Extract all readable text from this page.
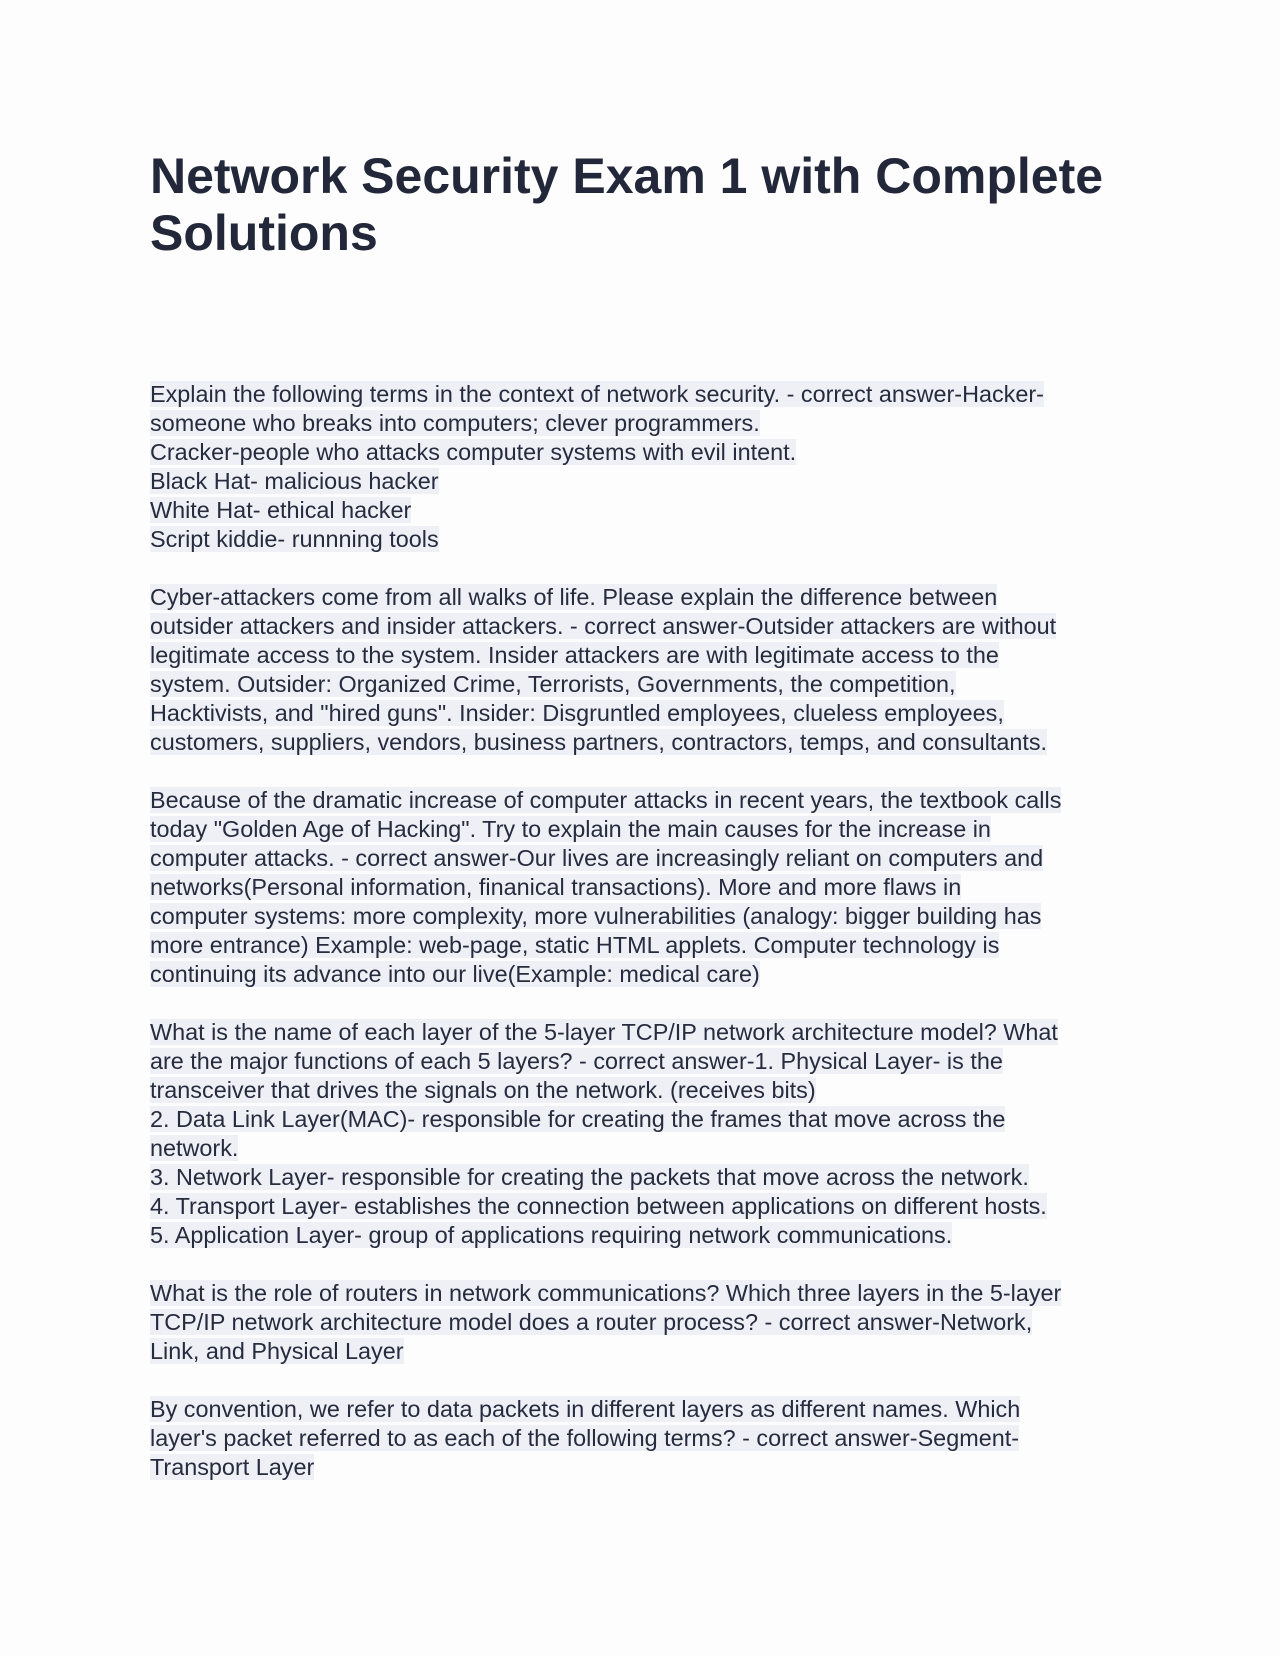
Network Security Exam 1 with Complete Solutions
Explain the following terms in the context of network security. - correct answer-Hacker-
someone who breaks into computers; clever programmers.
Cracker-people who attacks computer systems with evil intent.
Black Hat- malicious hacker
White Hat- ethical hacker
Script kiddie- runnning tools
Cyber-attackers come from all walks of life. Please explain the difference between
outsider attackers and insider attackers. - correct answer-Outsider attackers are without
legitimate access to the system. Insider attackers are with legitimate access to the
system. Outsider: Organized Crime, Terrorists, Governments, the competition,
Hacktivists, and "hired guns". Insider: Disgruntled employees, clueless employees,
customers, suppliers, vendors, business partners, contractors, temps, and consultants.
Because of the dramatic increase of computer attacks in recent years, the textbook calls
today "Golden Age of Hacking". Try to explain the main causes for the increase in
computer attacks. - correct answer-Our lives are increasingly reliant on computers and
networks(Personal information, finanical transactions). More and more flaws in
computer systems: more complexity, more vulnerabilities (analogy: bigger building has
more entrance) Example: web-page, static HTML applets. Computer technology is
continuing its advance into our live(Example: medical care)
What is the name of each layer of the 5-layer TCP/IP network architecture model? What
are the major functions of each 5 layers? - correct answer-1. Physical Layer- is the
transceiver that drives the signals on the network. (receives bits)
2. Data Link Layer(MAC)- responsible for creating the frames that move across the
network.
3. Network Layer- responsible for creating the packets that move across the network.
4. Transport Layer- establishes the connection between applications on different hosts.
5. Application Layer- group of applications requiring network communications.
What is the role of routers in network communications? Which three layers in the 5-layer
TCP/IP network architecture model does a router process? - correct answer-Network,
Link, and Physical Layer
By convention, we refer to data packets in different layers as different names. Which
layer's packet referred to as each of the following terms? - correct answer-Segment-
Transport Layer
